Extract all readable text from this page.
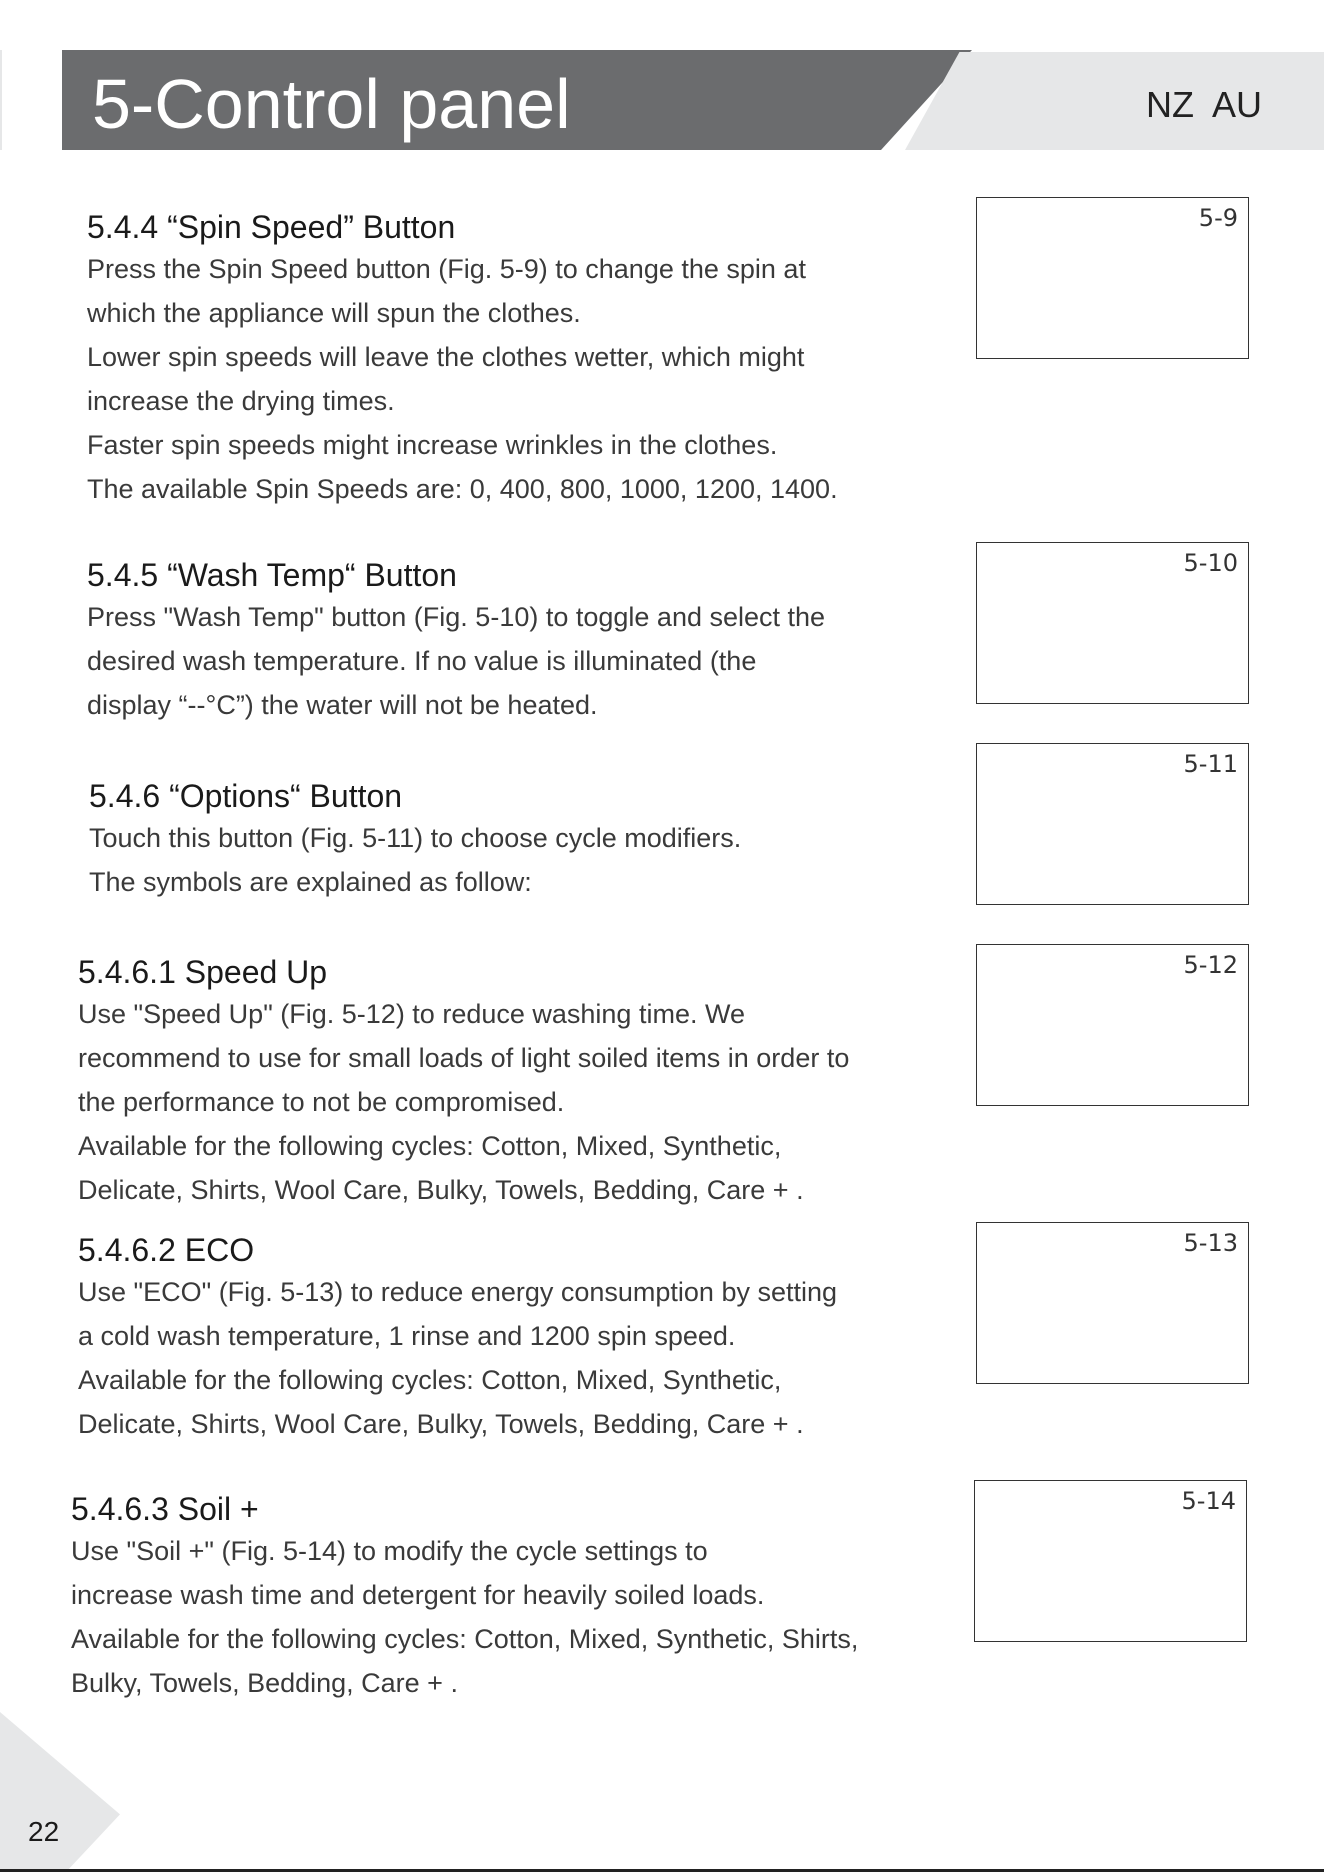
5-Control panel	NZ AU
5.4.4 “Spin Speed” Button

Press the Spin Speed button (Fig. 5-9) to change the spin at

which the appliance will spun the clothes.

Lower spin speeds will leave the clothes wetter, which might

increase the drying times.

Faster spin speeds might increase wrinkles in the clothes.

The available Spin Speeds are: 0, 400, 800, 1000, 1200, 1400.

5.4.5 “Wash Temp“ Button

Press "Wash Temp" button (Fig. 5-10) to toggle and select the

desired wash temperature. If no value is illuminated (the

display “--°C”) the water will not be heated.

5.4.6 “Options“ Button

Touch this button (Fig. 5-11) to choose cycle modifiers.

The symbols are explained as follow:

5.4.6.1 Speed Up

Use "Speed Up" (Fig. 5-12) to reduce washing time. We

recommend to use for small loads of light soiled items in order to

the performance to not be compromised.

Available for the following cycles: Cotton, Mixed, Synthetic,

Delicate, Shirts, Wool Care, Bulky, Towels, Bedding, Care + .

5.4.6.2 ECO

Use "ECO" (Fig. 5-13) to reduce energy consumption by setting

a cold wash temperature, 1 rinse and 1200 spin speed.

Available for the following cycles: Cotton, Mixed, Synthetic,

Delicate, Shirts, Wool Care, Bulky, Towels, Bedding, Care + .

5.4.6.3 Soil +

Use "Soil +" (Fig. 5-14) to modify the cycle settings to

increase wash time and detergent for heavily soiled loads.

Available for the following cycles: Cotton, Mixed, Synthetic, Shirts,

Bulky, Towels, Bedding, Care + .

5-9
5-10
5-11
5-12
5-13
5-14
22
